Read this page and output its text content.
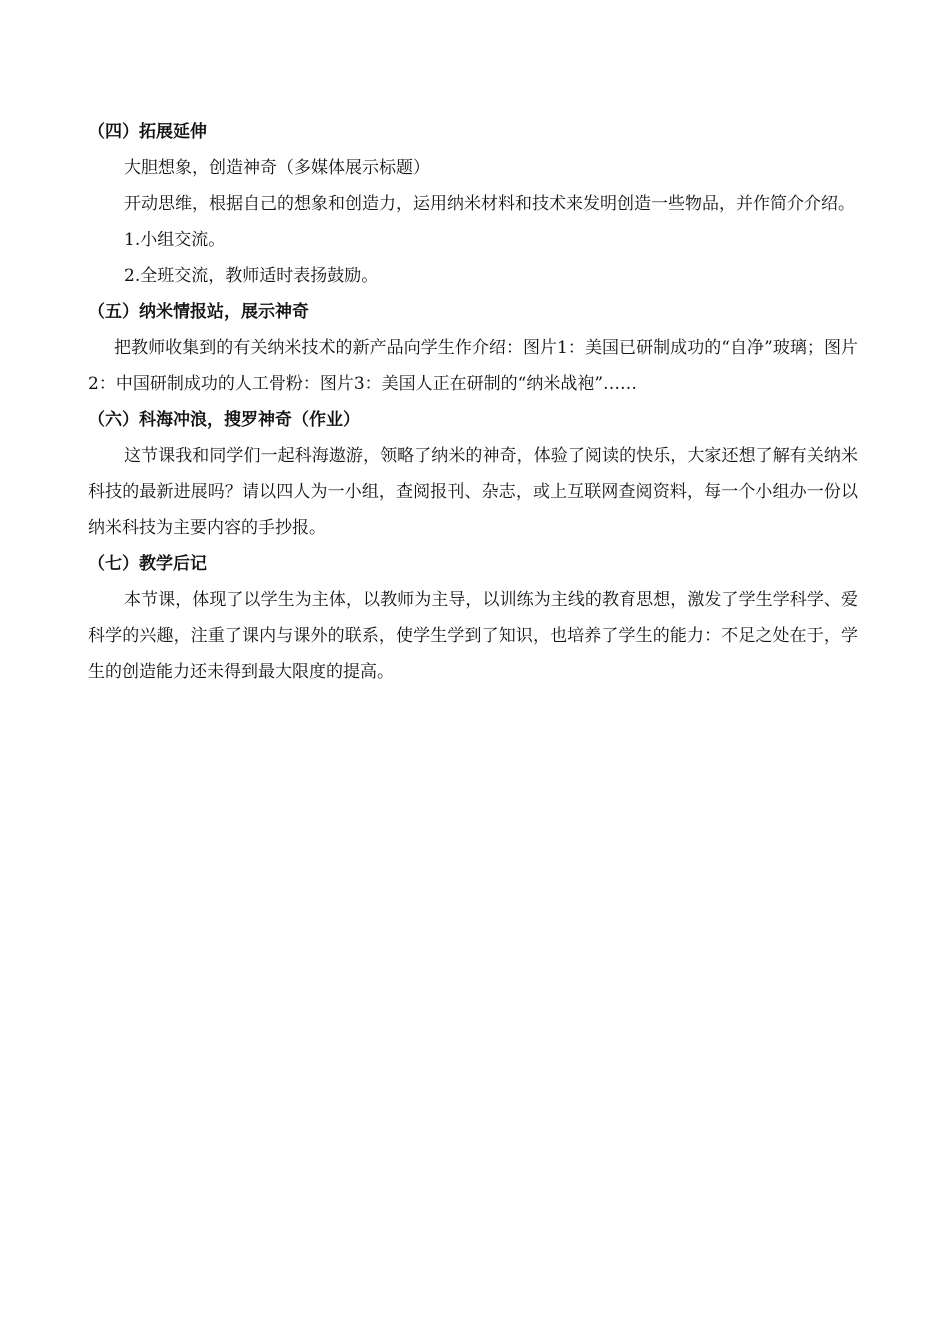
（四）拓展延伸

大胆想象，创造神奇（多媒体展示标题）

开动思维，根据自己的想象和创造力，运用纳米材料和技术来发明创造一些物品，并作简介介绍。

1.小组交流。

2.全班交流，教师适时表扬鼓励。

（五）纳米情报站，展示神奇

把教师收集到的有关纳米技术的新产品向学生作介绍：图片1：美国已研制成功的“自净”玻璃；图片2：中国研制成功的人工骨粉：图片3：美国人正在研制的“纳米战袍”……

（六）科海冲浪，搜罗神奇（作业）

这节课我和同学们一起科海遨游，领略了纳米的神奇，体验了阅读的快乐，大家还想了解有关纳米科技的最新进展吗？请以四人为一小组，查阅报刊、杂志，或上互联网查阅资料，每一个小组办一份以纳米科技为主要内容的手抄报。

（七）教学后记

本节课，体现了以学生为主体，以教师为主导，以训练为主线的教育思想，激发了学生学科学、爱科学的兴趣，注重了课内与课外的联系，使学生学到了知识，也培养了学生的能力：不足之处在于，学生的创造能力还未得到最大限度的提高。
